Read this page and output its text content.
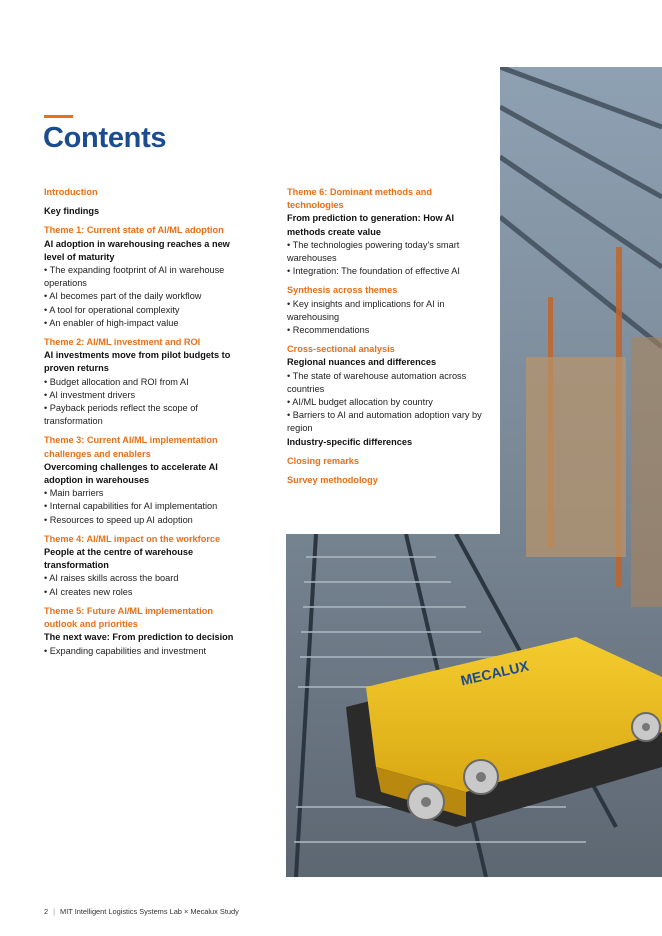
Contents
MECALUX
Introduction
Key findings
Theme 1: Current state of AI/ML adoption
AI adoption in warehousing reaches a new level of maturity
• The expanding footprint of AI in warehouse operations
• AI becomes part of the daily workflow
• A tool for operational complexity
• An enabler of high-impact value
Theme 2: AI/ML investment and ROI
AI investments move from pilot budgets to proven returns
• Budget allocation and ROI from AI
• AI investment drivers
• Payback periods reflect the scope of transformation
Theme 3: Current AI/ML implementation challenges and enablers
Overcoming challenges to accelerate AI adoption in warehouses
• Main barriers
• Internal capabilities for AI implementation
• Resources to speed up AI adoption
Theme 4: AI/ML impact on the workforce
People at the centre of warehouse transformation
• AI raises skills across the board
• AI creates new roles
Theme 5: Future AI/ML implementation outlook and priorities
The next wave: From prediction to decision
• Expanding capabilities and investment
Theme 6: Dominant methods and technologies
From prediction to generation: How AI methods create value
• The technologies powering today's smart warehouses
• Integration: The foundation of effective AI
Synthesis across themes
• Key insights and implications for AI in warehousing
• Recommendations
Cross-sectional analysis
Regional nuances and differences
• The state of warehouse automation across countries
• AI/ML budget allocation by country
• Barriers to AI and automation adoption vary by region
Industry-specific differences
Closing remarks
Survey methodology
2 | MIT Intelligent Logistics Systems Lab × Mecalux Study
